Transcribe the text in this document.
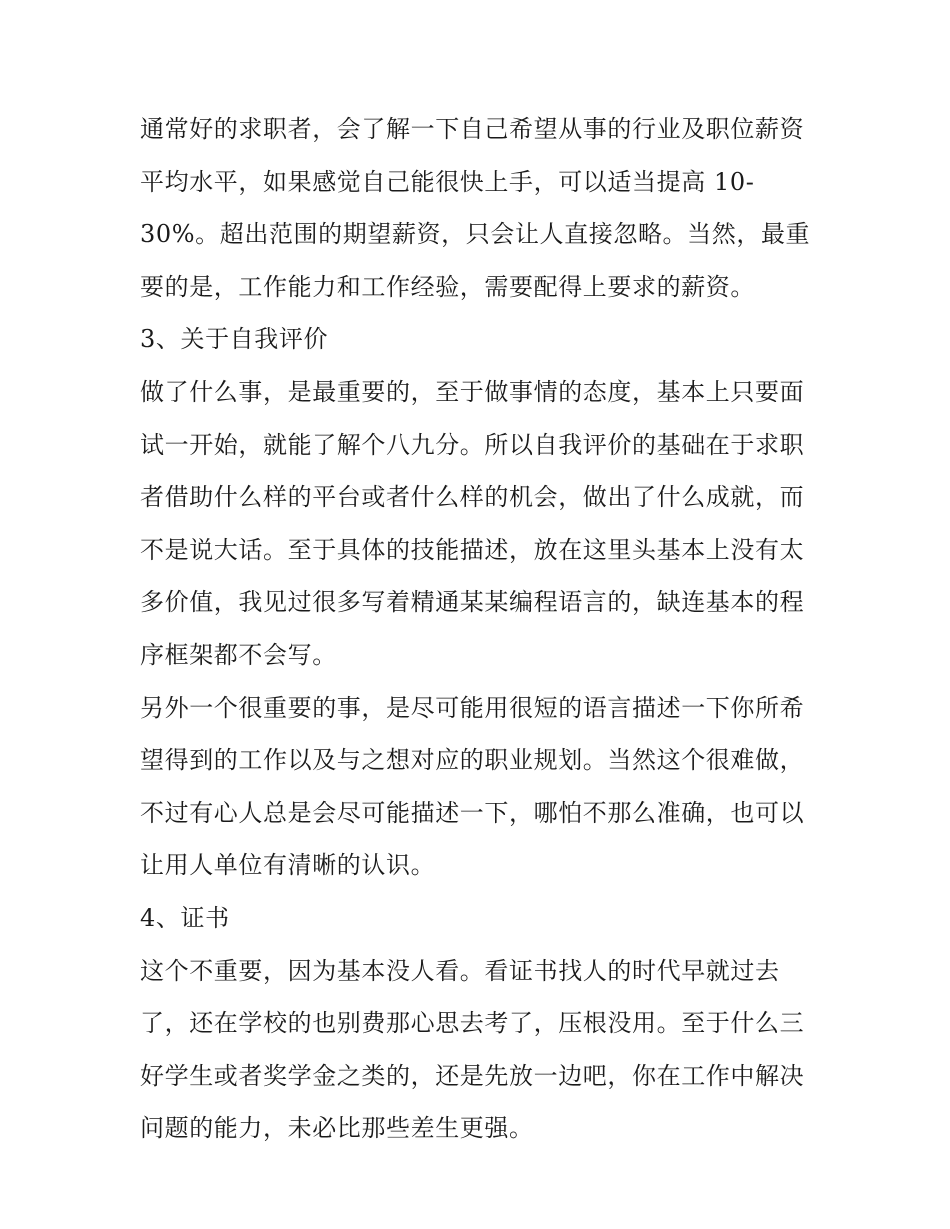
通常好的求职者，会了解一下自己希望从事的行业及职位薪资
平均水平，如果感觉自己能很快上手，可以适当提高 10-
30%。超出范围的期望薪资，只会让人直接忽略。当然，最重
要的是，工作能力和工作经验，需要配得上要求的薪资。
3、关于自我评价
做了什么事，是最重要的，至于做事情的态度，基本上只要面
试一开始，就能了解个八九分。所以自我评价的基础在于求职
者借助什么样的平台或者什么样的机会，做出了什么成就，而
不是说大话。至于具体的技能描述，放在这里头基本上没有太
多价值，我见过很多写着精通某某编程语言的，缺连基本的程
序框架都不会写。
另外一个很重要的事，是尽可能用很短的语言描述一下你所希
望得到的工作以及与之想对应的职业规划。当然这个很难做，
不过有心人总是会尽可能描述一下，哪怕不那么准确，也可以
让用人单位有清晰的认识。
4、证书
这个不重要，因为基本没人看。看证书找人的时代早就过去
了，还在学校的也别费那心思去考了，压根没用。至于什么三
好学生或者奖学金之类的，还是先放一边吧，你在工作中解决
问题的能力，未必比那些差生更强。
